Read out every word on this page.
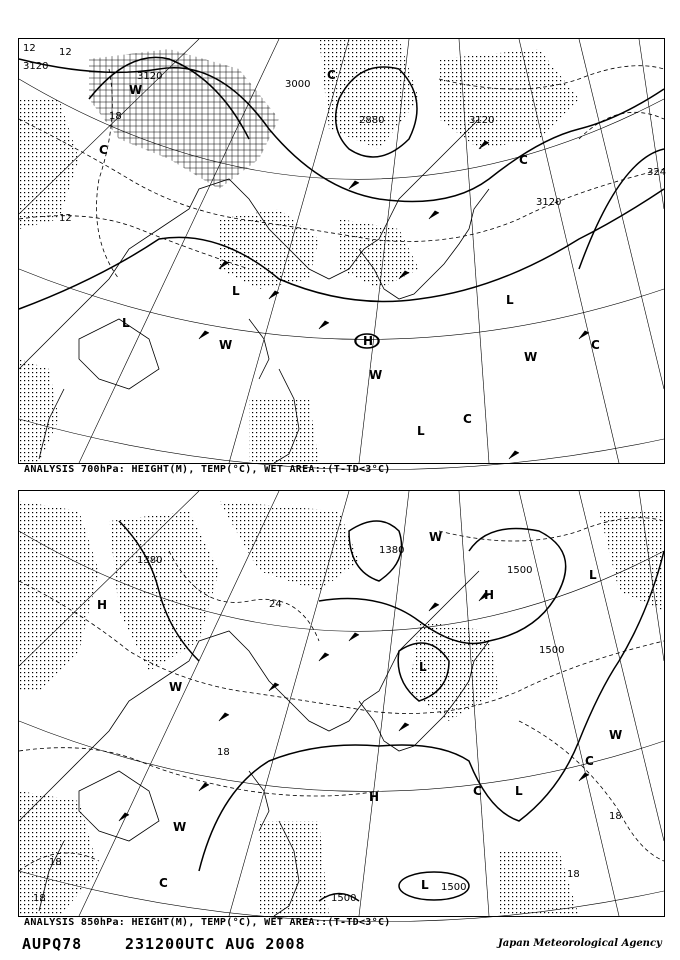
3120
3120
3000
2880	3120
3120
324
12
12
18
12
H
L
L
L
L
W
W
W
W
C
C
C
C
C
ANALYSIS 700hPa: HEIGHT(M), TEMP(°C), WET AREA::(T-TD<3°C)
1380
1380
1500
1500
1500
1500
24
18
18
18
18
18
H
H
H
L
L
L
L
W
W
W
W
C
C
C
ANALYSIS 850hPa: HEIGHT(M), TEMP(°C), WET AREA::(T-TD<3°C)
AUPQ78	231200UTC AUG 2008	Japan Meteorological Agency
